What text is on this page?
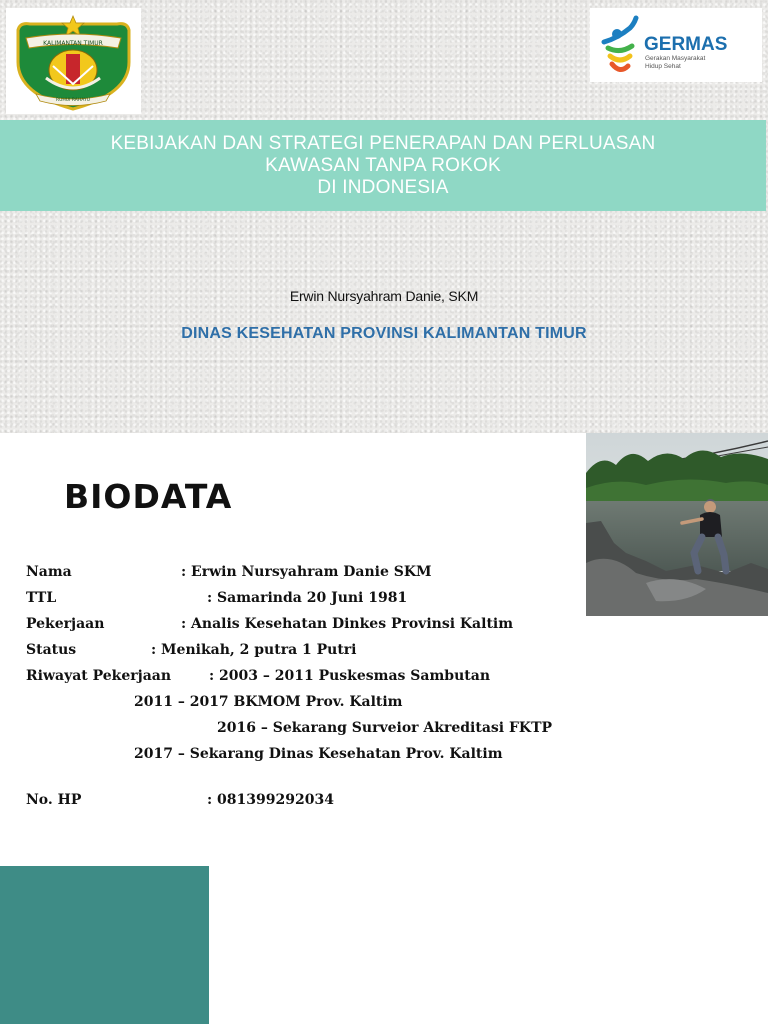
KALIMANTAN TIMUR
RUHUI RAHAYU
GERMAS
Gerakan Masyarakat
Hidup Sehat
KEBIJAKAN DAN STRATEGI PENERAPAN DAN PERLUASAN
KAWASAN TANPA ROKOK
DI INDONESIA
Erwin Nursyahram Danie, SKM
DINAS KESEHATAN PROVINSI KALIMANTAN TIMUR
BIODATA
Nama	: Erwin Nursyahram Danie SKM
TTL	: Samarinda 20 Juni 1981
Pekerjaan	: Analis Kesehatan Dinkes Provinsi Kaltim
Status	: Menikah, 2 putra 1 Putri
Riwayat Pekerjaan	: 2003 – 2011 Puskesmas Sambutan
2011 – 2017 BKMOM Prov. Kaltim
2016 – Sekarang Surveior Akreditasi FKTP
2017 – Sekarang Dinas Kesehatan Prov. Kaltim
No. HP	: 081399292034
